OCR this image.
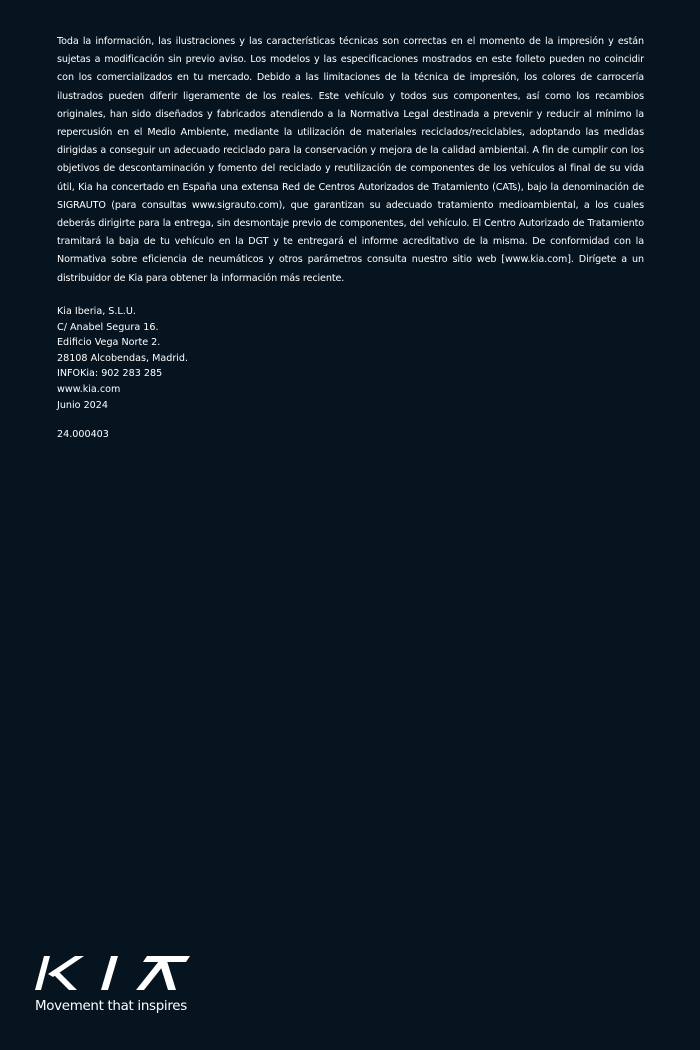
Toda la información, las ilustraciones y las características técnicas son correctas en el momento de la impresión y están sujetas a modificación sin previo aviso. Los modelos y las especificaciones mostrados en este folleto pueden no coincidir con los comercializados en tu mercado. Debido a las limitaciones de la técnica de impresión, los colores de carrocería ilustrados pueden diferir ligeramente de los reales. Este vehículo y todos sus componentes, así como los recambios originales, han sido diseñados y fabricados atendiendo a la Normativa Legal destinada a prevenir y reducir al mínimo la repercusión en el Medio Ambiente, mediante la utilización de materiales reciclados/reciclables, adoptando las medidas dirigidas a conseguir un adecuado reciclado para la conservación y mejora de la calidad ambiental. A fin de cumplir con los objetivos de descontaminación y fomento del reciclado y reutilización de componentes de los vehículos al final de su vida útil, Kia ha concertado en España una extensa Red de Centros Autorizados de Tratamiento (CATs), bajo la denominación de SIGRAUTO (para consultas www.sigrauto.com), que garantizan su adecuado tratamiento medioambiental, a los cuales deberás dirigirte para la entrega, sin desmontaje previo de componentes, del vehículo. El Centro Autorizado de Tratamiento tramitará la baja de tu vehículo en la DGT y te entregará el informe acreditativo de la misma. De conformidad con la Normativa sobre eficiencia de neumáticos y otros parámetros consulta nuestro sitio web [www.kia.com]. Dirígete a un distribuidor de Kia para obtener la información más reciente.

Kia Iberia, S.L.U.
C/ Anabel Segura 16.
Edificio Vega Norte 2.
28108 Alcobendas, Madrid.
INFOKia: 902 283 285
www.kia.com
Junio 2024
24.000403
Movement that inspires
